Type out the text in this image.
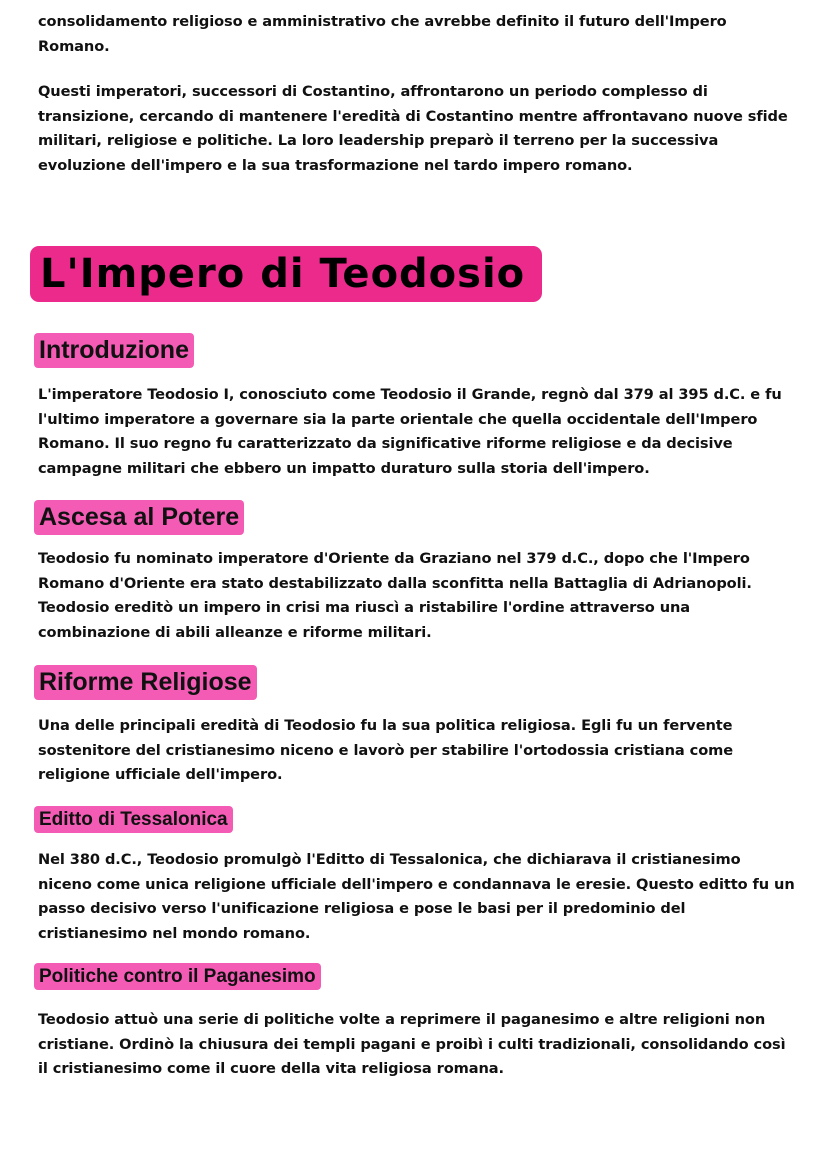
consolidamento religioso e amministrativo che avrebbe definito il futuro dell'Impero Romano.

Questi imperatori, successori di Costantino, affrontarono un periodo complesso di transizione, cercando di mantenere l'eredità di Costantino mentre affrontavano nuove sfide militari, religiose e politiche. La loro leadership preparò il terreno per la successiva evoluzione dell'impero e la sua trasformazione nel tardo impero romano.

L'Impero di Teodosio
Introduzione

L'imperatore Teodosio I, conosciuto come Teodosio il Grande, regnò dal 379 al 395 d.C. e fu l'ultimo imperatore a governare sia la parte orientale che quella occidentale dell'Impero Romano. Il suo regno fu caratterizzato da significative riforme religiose e da decisive campagne militari che ebbero un impatto duraturo sulla storia dell'impero.

Ascesa al Potere

Teodosio fu nominato imperatore d'Oriente da Graziano nel 379 d.C., dopo che l'Impero Romano d'Oriente era stato destabilizzato dalla sconfitta nella Battaglia di Adrianopoli. Teodosio ereditò un impero in crisi ma riuscì a ristabilire l'ordine attraverso una combinazione di abili alleanze e riforme militari.

Riforme Religiose

Una delle principali eredità di Teodosio fu la sua politica religiosa. Egli fu un fervente sostenitore del cristianesimo niceno e lavorò per stabilire l'ortodossia cristiana come religione ufficiale dell'impero.

Editto di Tessalonica

Nel 380 d.C., Teodosio promulgò l'Editto di Tessalonica, che dichiarava il cristianesimo niceno come unica religione ufficiale dell'impero e condannava le eresie. Questo editto fu un passo decisivo verso l'unificazione religiosa e pose le basi per il predominio del cristianesimo nel mondo romano.

Politiche contro il Paganesimo

Teodosio attuò una serie di politiche volte a reprimere il paganesimo e altre religioni non cristiane. Ordinò la chiusura dei templi pagani e proibì i culti tradizionali, consolidando così il cristianesimo come il cuore della vita religiosa romana.
